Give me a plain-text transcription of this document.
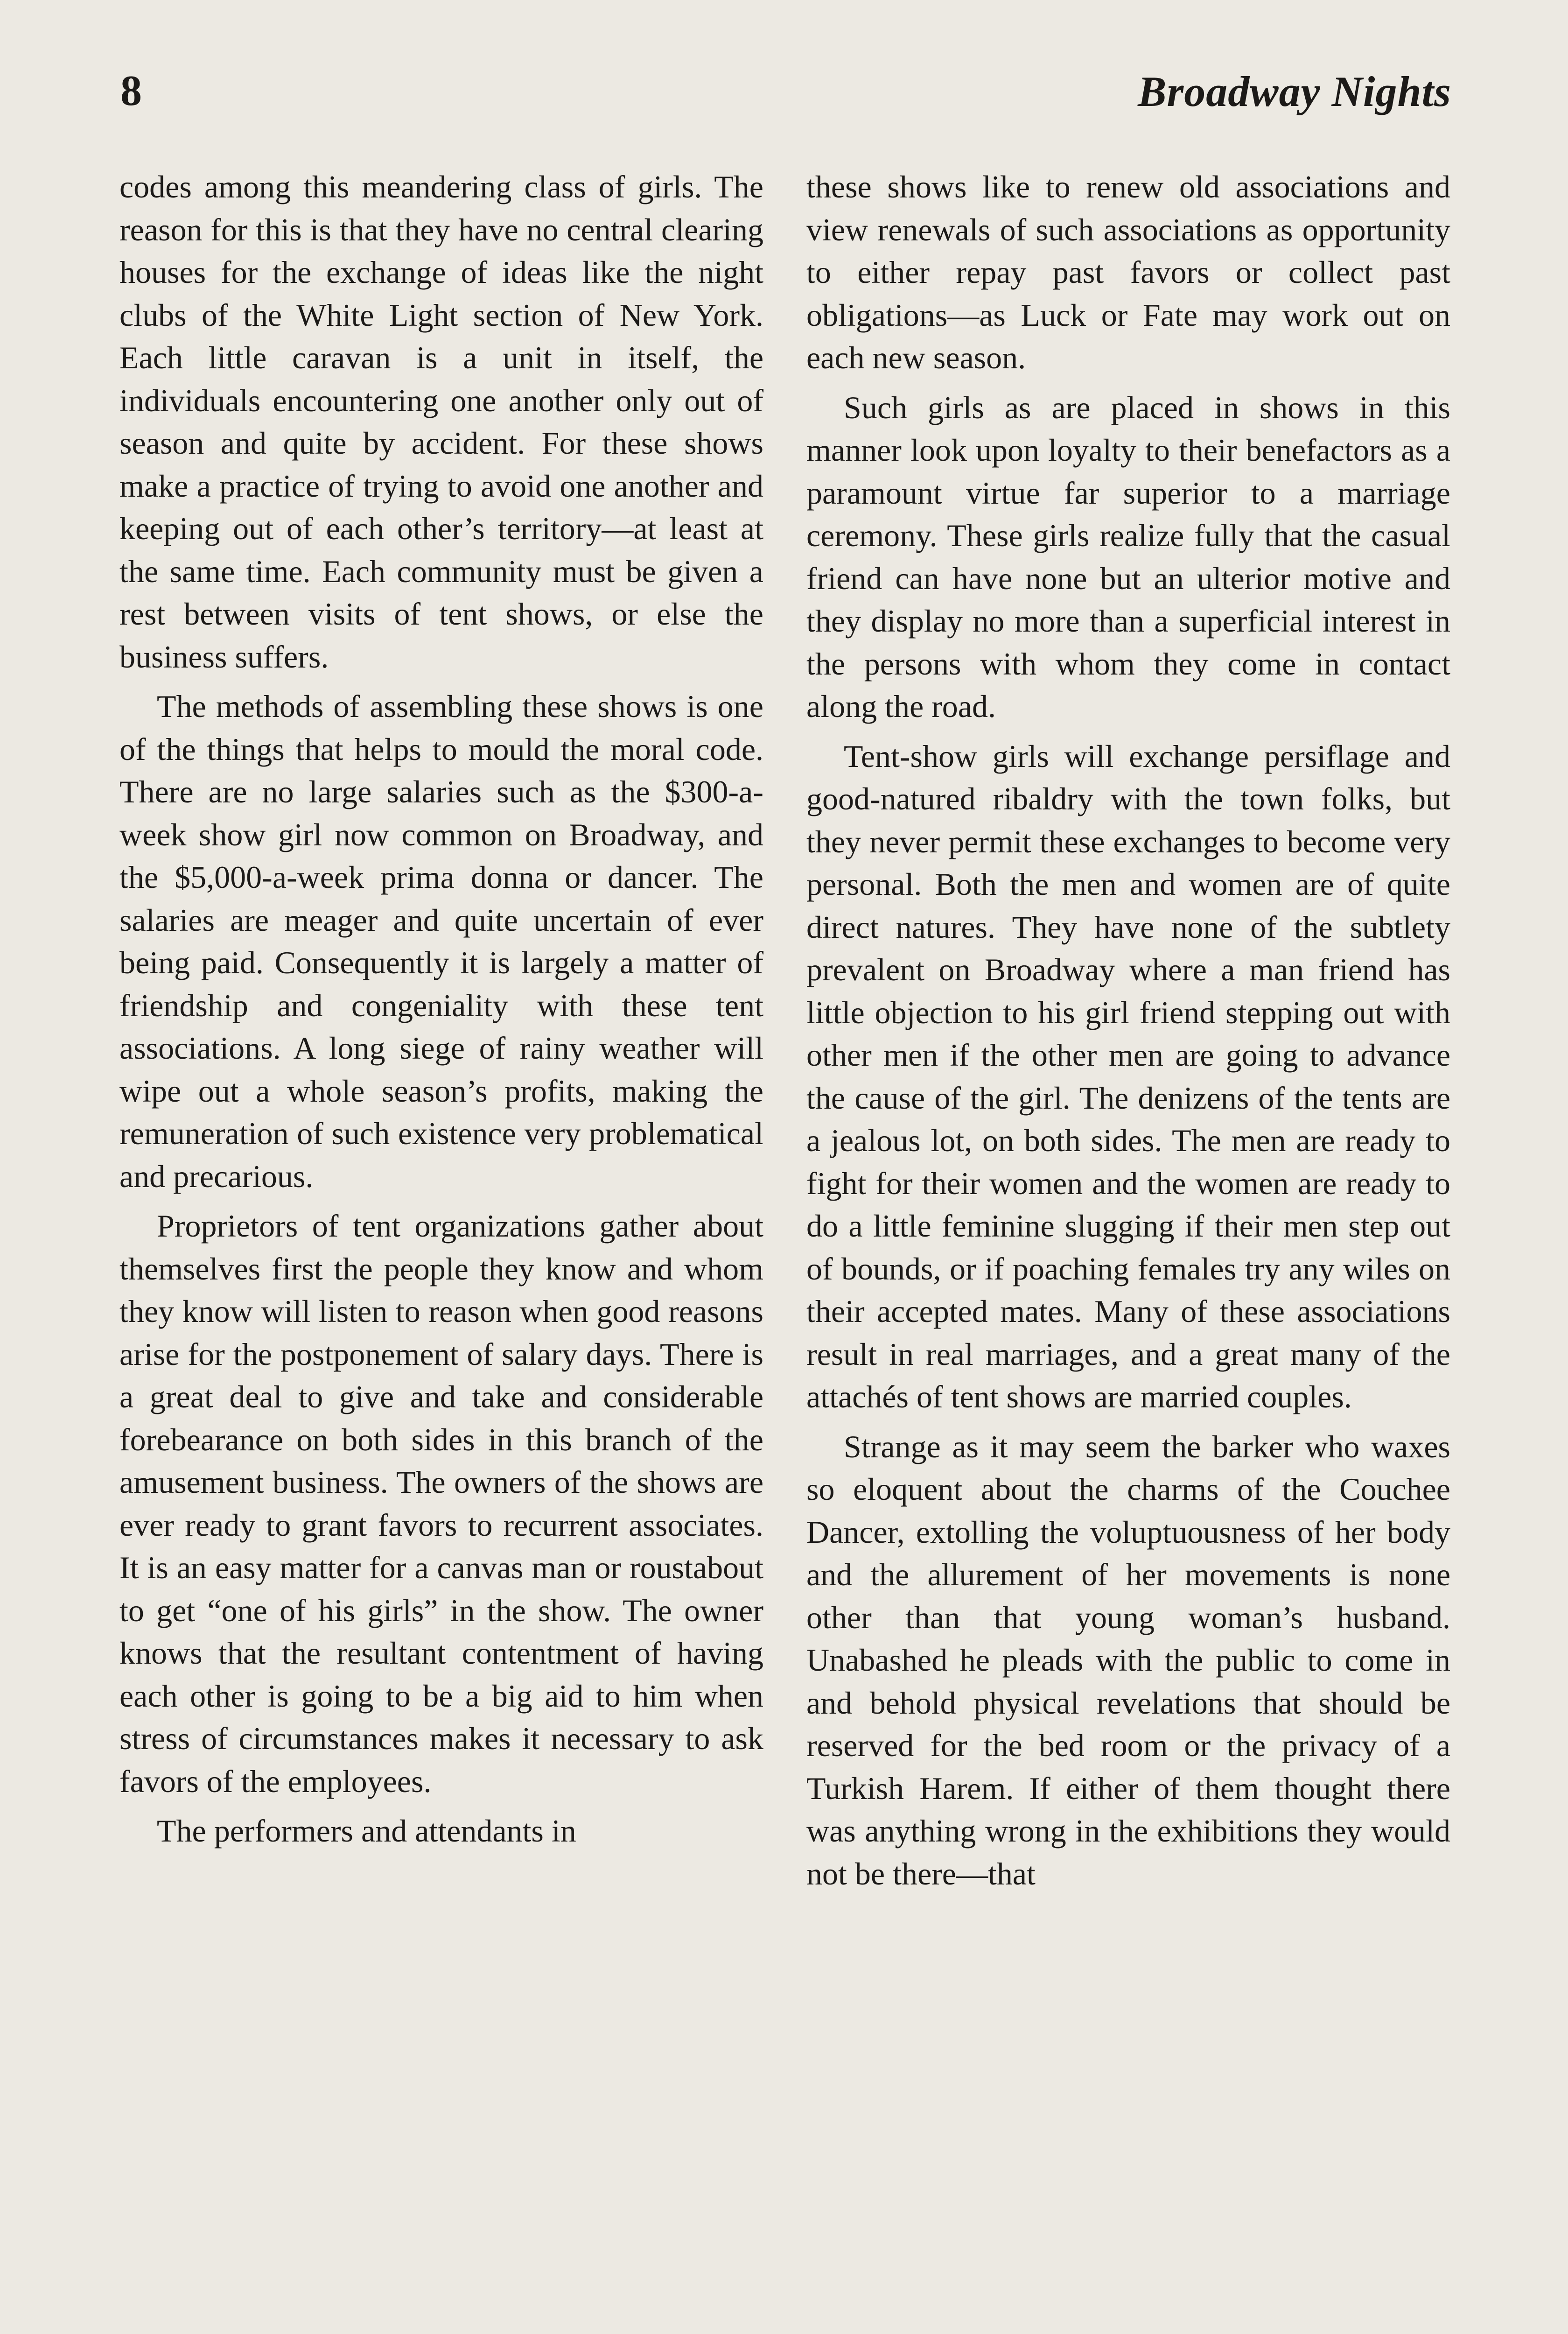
8	Broadway Nights

codes among this meandering class of girls. The reason for this is that they have no central clearing houses for the exchange of ideas like the night clubs of the White Light section of New York. Each little caravan is a unit in itself, the individuals encountering one another only out of season and quite by accident. For these shows make a practice of trying to avoid one another and keeping out of each other’s territory—at least at the same time. Each community must be given a rest between visits of tent shows, or else the business suffers.

The methods of assembling these shows is one of the things that helps to mould the moral code. There are no large salaries such as the $300-a-week show girl now common on Broadway, and the $5,000-a-week prima donna or dancer. The salaries are meager and quite uncertain of ever being paid. Consequently it is largely a matter of friendship and congeniality with these tent associations. A long siege of rainy weather will wipe out a whole season’s profits, making the remuneration of such existence very problematical and precarious.

Proprietors of tent organizations gather about themselves first the people they know and whom they know will listen to reason when good reasons arise for the postponement of salary days. There is a great deal to give and take and considerable forebearance on both sides in this branch of the amusement business. The owners of the shows are ever ready to grant favors to recurrent associates. It is an easy matter for a canvas man or roustabout to get “one of his girls” in the show. The owner knows that the resultant contentment of having each other is going to be a big aid to him when stress of circumstances makes it necessary to ask favors of the employees.

The performers and attendants in

these shows like to renew old associations and view renewals of such associations as opportunity to either repay past favors or collect past obligations—as Luck or Fate may work out on each new season.

Such girls as are placed in shows in this manner look upon loyalty to their benefactors as a paramount virtue far superior to a marriage ceremony. These girls realize fully that the casual friend can have none but an ulterior motive and they display no more than a superficial interest in the persons with whom they come in contact along the road.

Tent-show girls will exchange persiflage and good-natured ribaldry with the town folks, but they never permit these exchanges to become very personal. Both the men and women are of quite direct natures. They have none of the subtlety prevalent on Broadway where a man friend has little objection to his girl friend stepping out with other men if the other men are going to advance the cause of the girl. The denizens of the tents are a jealous lot, on both sides. The men are ready to fight for their women and the women are ready to do a little feminine slugging if their men step out of bounds, or if poaching females try any wiles on their accepted mates. Many of these associations result in real marriages, and a great many of the attachés of tent shows are married couples.

Strange as it may seem the barker who waxes so eloquent about the charms of the Couchee Dancer, extolling the voluptuousness of her body and the allurement of her movements is none other than that young woman’s husband. Unabashed he pleads with the public to come in and behold physical revelations that should be reserved for the bed room or the privacy of a Turkish Harem. If either of them thought there was anything wrong in the exhibitions they would not be there—that
